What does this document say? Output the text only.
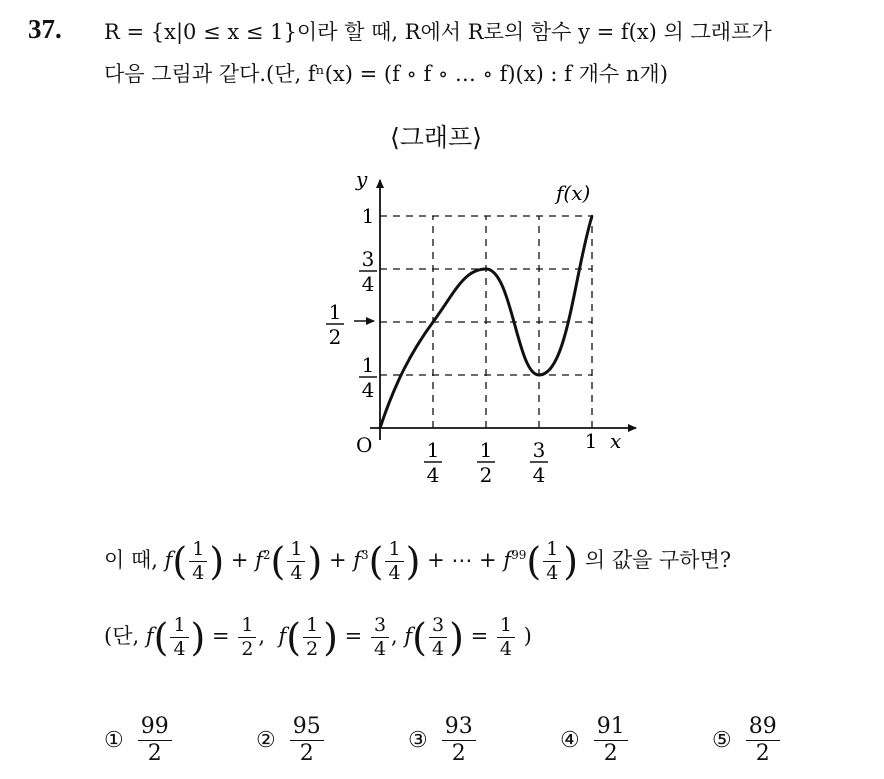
37. R = {x|0 ≤ x ≤ 1}이라 할 때, R에서 R로의 함수 y = f(x) 의 그래프가
다음 그림과 같다.(단, fⁿ(x) = (f ∘ f ∘ … ∘ f)(x) : f 개수 n개)
⟨그래프⟩
O	x
y
f(x)
1
4
1
2
3
4
1
1
4
1
2
3
4
1
이 때, $f( \frac{1}{4}$ ) + $f^2( \frac{1}{4}$ ) + $f^3( \frac{1}{4}$ ) + ⋯ + $f^{99}( \frac{1}{4}$ ) 의 값을 구하면?
(단, $f( \frac{1}{4}$ ) = $\frac{1}{2}$ ,  $f( \frac{1}{2}$ ) = $\frac{3}{4}$ , $f( \frac{3}{4}$ ) = $\frac{1}{4}$ )
① $\frac{99}{2}$	② $\frac{95}{2}$	③ $\frac{93}{2}$	④ $\frac{91}{2}$	⑤ $\frac{89}{2}$
